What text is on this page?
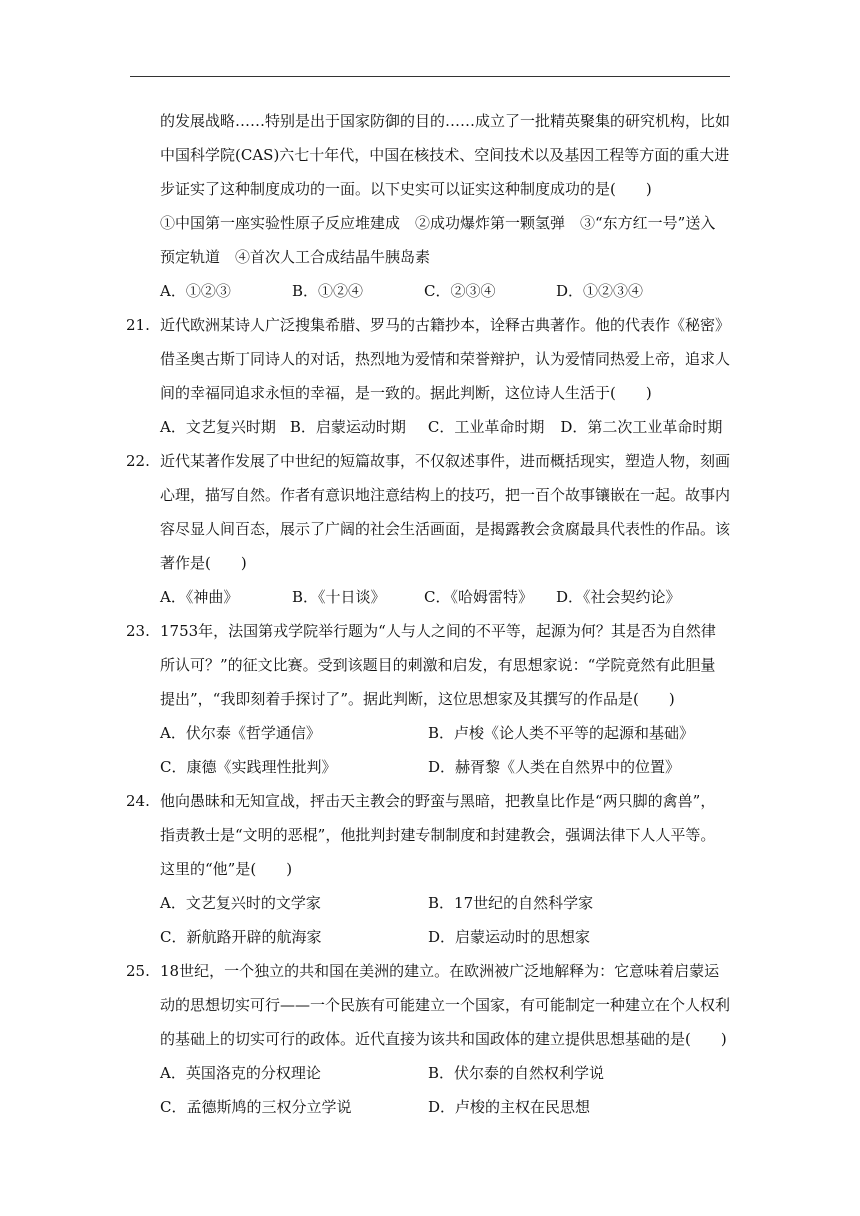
的发展战略……特别是出于国家防御的目的……成立了一批精英聚集的研究机构，比如
中国科学院(CAS)六七十年代，中国在核技术、空间技术以及基因工程等方面的重大进
步证实了这种制度成功的一面。以下史实可以证实这种制度成功的是(　　)
①中国第一座实验性原子反应堆建成　②成功爆炸第一颗氢弹　③“东方红一号”送入
预定轨道　④首次人工合成结晶牛胰岛素
A．①②③	B．①②④	C．②③④	D．①②③④
21. 近代欧洲某诗人广泛搜集希腊、罗马的古籍抄本，诠释古典著作。他的代表作《秘密》
借圣奥古斯丁同诗人的对话，热烈地为爱情和荣誉辩护，认为爱情同热爱上帝，追求人
间的幸福同追求永恒的幸福，是一致的。据此判断，这位诗人生活于(　　)
A．文艺复兴时期 B．启蒙运动时期 C．工业革命时期 D．第二次工业革命时期
22. 近代某著作发展了中世纪的短篇故事，不仅叙述事件，进而概括现实，塑造人物，刻画
心理，描写自然。作者有意识地注意结构上的技巧，把一百个故事镶嵌在一起。故事内
容尽显人间百态，展示了广阔的社会生活画面，是揭露教会贪腐最具代表性的作品。该
著作是(　　)
A．《神曲》	B．《十日谈》	C．《哈姆雷特》	D．《社会契约论》
23. 1753年，法国第戎学院举行题为“人与人之间的不平等，起源为何？其是否为自然律
所认可？”的征文比赛。受到该题目的刺激和启发，有思想家说：“学院竟然有此胆量
提出”，“我即刻着手探讨了”。据此判断，这位思想家及其撰写的作品是(　　)
A．伏尔泰《哲学通信》	B．卢梭《论人类不平等的起源和基础》
C．康德《实践理性批判》	D．赫胥黎《人类在自然界中的位置》
24. 他向愚昧和无知宣战，抨击天主教会的野蛮与黑暗，把教皇比作是“两只脚的禽兽”，
指责教士是“文明的恶棍”，他批判封建专制制度和封建教会，强调法律下人人平等。
这里的“他”是(　　)
A．文艺复兴时的文学家	B．17世纪的自然科学家
C．新航路开辟的航海家	D．启蒙运动时的思想家
25. 18世纪，一个独立的共和国在美洲的建立。在欧洲被广泛地解释为：它意味着启蒙运
动的思想切实可行——一个民族有可能建立一个国家，有可能制定一种建立在个人权利
的基础上的切实可行的政体。近代直接为该共和国政体的建立提供思想基础的是(　　)
A．英国洛克的分权理论	B．伏尔泰的自然权利学说
C．孟德斯鸠的三权分立学说	D．卢梭的主权在民思想
